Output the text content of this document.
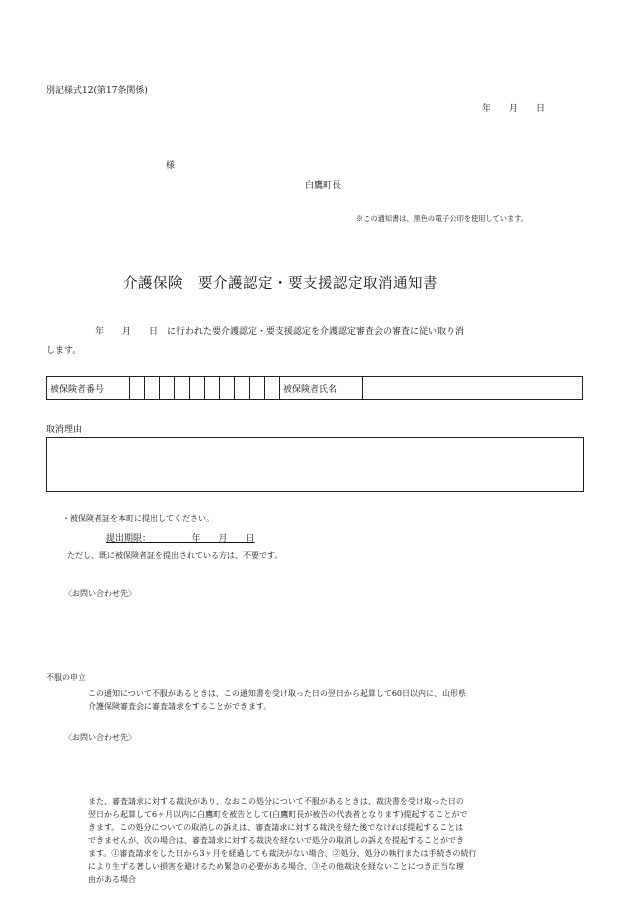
別記様式12(第17条関係)
年　　月　　日
様
白鷹町長
※この通知書は、黒色の電子公印を使用しています。
介護保険　要介護認定・要支援認定取消通知書
年　　月　　日　に行われた要介護認定・要支援認定を介護認定審査会の審査に従い取り消
します。
被保険者番号											被保険者氏名	
取消理由
・被保険者証を本町に提出してください。
提出期限：　　　　　年　　月　　日
ただし、既に被保険者証を提出されている方は、不要です。
〈お問い合わせ先〉
不服の申立
この通知について不服があるときは、この通知書を受け取った日の翌日から起算して60日以内に、山形県
介護保険審査会に審査請求をすることができます。
〈お問い合わせ先〉
また、審査請求に対する裁決があり、なおこの処分について不服があるときは、裁決書を受け取った日の
翌日から起算して6ヶ月以内に白鷹町を被告として(白鷹町長が被告の代表者となります)提起することがで
きます。この処分についての取消しの訴えは、審査請求に対する裁決を経た後でなければ提起することは
できませんが、次の場合は、審査請求に対する裁決を経ないで処分の取消しの訴えを提起することができ
ます。①審査請求をした日から3ヶ月を経過しても裁決がない場合、②処分、処分の執行または手続きの続行
により生ずる著しい損害を避けるため緊急の必要がある場合、③その他裁決を経ないことにつき正当な理
由がある場合
